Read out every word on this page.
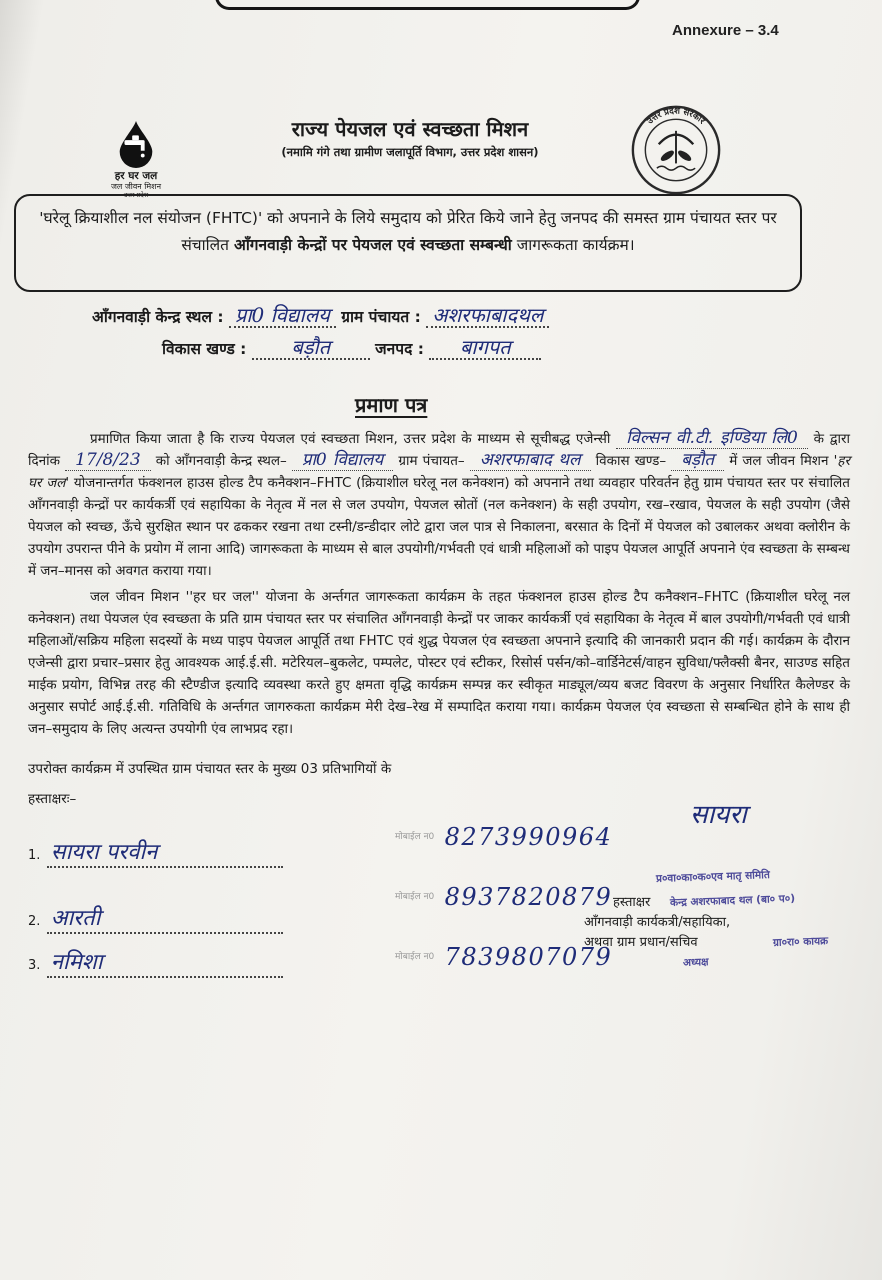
Annexure – 3.4
हर घर जल
जल जीवन मिशन
उत्तर प्रदेश
राज्य पेयजल एवं स्वच्छता मिशन
(नमामि गंगे तथा ग्रामीण जलापूर्ति विभाग, उत्तर प्रदेश शासन)
उत्तर प्रदेश सरकार
'घरेलू क्रियाशील नल संयोजन (FHTC)' को अपनाने के लिये समुदाय को प्रेरित किये जाने हेतु जनपद की समस्त ग्राम पंचायत स्तर पर संचालित आँगनवाड़ी केन्द्रों पर पेयजल एवं स्वच्छता सम्बन्धी जागरूकता कार्यक्रम।
आँगनवाड़ी केन्द्र स्थल : प्रा0 विद्यालय ग्राम पंचायत : अशरफाबादथल
विकास खण्ड : बड़ौत	जनपद : बागपत
प्रमाण पत्र

प्रमाणित किया जाता है कि राज्य पेयजल एवं स्वच्छता मिशन, उत्तर प्रदेश के माध्यम से सूचीबद्ध एजेन्सी विल्सन वी.टी. इण्डिया लि0 के द्वारा दिनांक 17/8/23 को आँगनवाड़ी केन्द्र स्थल– प्रा0 विद्यालय ग्राम पंचायत– अशरफाबाद थल विकास खण्ड– बड़ौत में जल जीवन मिशन 'हर घर जल' योजनान्तर्गत फंक्शनल हाउस होल्ड टैप कनैक्शन–FHTC (क्रियाशील घरेलू नल कनेक्शन) को अपनाने तथा व्यवहार परिवर्तन हेतु ग्राम पंचायत स्तर पर संचालित आँगनवाड़ी केन्द्रों पर कार्यकर्त्री एवं सहायिका के नेतृत्व में नल से जल उपयोग, पेयजल स्रोतों (नल कनेक्शन) के सही उपयोग, रख–रखाव, पेयजल के सही उपयोग (जैसे पेयजल को स्वच्छ, ऊँचे सुरक्षित स्थान पर ढककर रखना तथा टस्नी/डन्डीदार लोटे द्वारा जल पात्र से निकालना, बरसात के दिनों में पेयजल को उबालकर अथवा क्लोरीन के उपयोग उपरान्त पीने के प्रयोग में लाना आदि) जागरूकता के माध्यम से बाल उपयोगी/गर्भवती एवं धात्री महिलाओं को पाइप पेयजल आपूर्ति अपनाने एंव स्वच्छता के सम्बन्ध में जन–मानस को अवगत कराया गया।

जल जीवन मिशन ''हर घर जल'' योजना के अर्न्तगत जागरूकता कार्यक्रम के तहत फंक्शनल हाउस होल्ड टैप कनैक्शन–FHTC (क्रियाशील घरेलू नल कनेक्शन) तथा पेयजल एंव स्वच्छता के प्रति ग्राम पंचायत स्तर पर संचालित आँगनवाड़ी केन्द्रों पर जाकर कार्यकर्त्री एवं सहायिका के नेतृत्व में बाल उपयोगी/गर्भवती एवं धात्री महिलाओं/सक्रिय महिला सदस्यों के मध्य पाइप पेयजल आपूर्ति तथा FHTC एवं शुद्ध पेयजल एंव स्वच्छता अपनाने इत्यादि की जानकारी प्रदान की गई। कार्यक्रम के दौरान एजेन्सी द्वारा प्रचार–प्रसार हेतु आवश्यक आई.ई.सी. मटेरियल–बुकलेट, पम्पलेट, पोस्टर एवं स्टीकर, रिसोर्स पर्सन/को–वार्डिनेटर्स/वाहन सुविधा/फ्लैक्सी बैनर, साउण्ड सहित माईक प्रयोग, विभिन्न तरह की स्टैण्डीज इत्यादि व्यवस्था करते हुए क्षमता वृद्धि कार्यक्रम सम्पन्न कर स्वीकृत माड्यूल/व्यय बजट विवरण के अनुसार निर्धारित कैलेण्डर के अनुसार सपोर्ट आई.ई.सी. गतिविधि के अर्न्तगत जागरुकता कार्यक्रम मेरी देख–रेख में सम्पादित कराया गया। कार्यक्रम पेयजल एंव स्वच्छता से सम्बन्धित होने के साथ ही जन–समुदाय के लिए अत्यन्त उपयोगी एंव लाभप्रद रहा।

उपरोक्त कार्यक्रम में उपस्थित ग्राम पंचायत स्तर के मुख्य 03 प्रतिभागियों के
हस्ताक्षरः–
1. सायरा परवीन
2. आरती
3. नमिशा
मोबाईल न0 8273990964
मोबाईल न0 8937820879
मोबाईल न0 7839807079
सायरा
प्र०वा०का०क०एव मातृ समिति
हस्ताक्षर केन्द्र अशरफाबाद थल (बा० प०)
आँगनवाड़ी कार्यकत्री/सहायिका,
अथवा ग्राम प्रधान/सचिव	ग्रा०रा० कायक्र
अध्यक्ष
